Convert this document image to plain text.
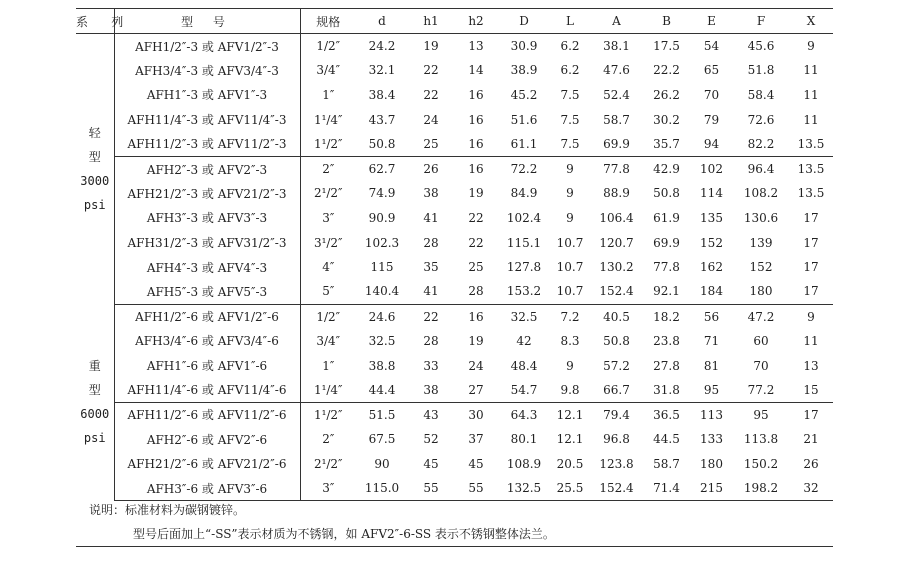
系 列	型 号	规格	d	h1	h2	D	L	A	B	E	F	X

轻
型
3000
psi	AFH1/2″-3 或 AFV1/2″-3	1/2″	24.2	19	13	30.9	6.2	38.1	17.5	54	45.6	9
	AFH3/4″-3 或 AFV3/4″-3	3/4″	32.1	22	14	38.9	6.2	47.6	22.2	65	51.8	11
	AFH1″-3 或 AFV1″-3	1″	38.4	22	16	45.2	7.5	52.4	26.2	70	58.4	11
	AFH11/4″-3 或 AFV11/4″-3	1¹/4″	43.7	24	16	51.6	7.5	58.7	30.2	79	72.6	11
	AFH11/2″-3 或 AFV11/2″-3	1¹/2″	50.8	25	16	61.1	7.5	69.9	35.7	94	82.2	13.5
	AFH2″-3 或 AFV2″-3	2″	62.7	26	16	72.2	9	77.8	42.9	102	96.4	13.5
	AFH21/2″-3 或 AFV21/2″-3	2¹/2″	74.9	38	19	84.9	9	88.9	50.8	114	108.2	13.5
	AFH3″-3 或 AFV3″-3	3″	90.9	41	22	102.4	9	106.4	61.9	135	130.6	17
	AFH31/2″-3 或 AFV31/2″-3	3¹/2″	102.3	28	22	115.1	10.7	120.7	69.9	152	139	17
	AFH4″-3 或 AFV4″-3	4″	115	35	25	127.8	10.7	130.2	77.8	162	152	17
	AFH5″-3 或 AFV5″-3	5″	140.4	41	28	153.2	10.7	152.4	92.1	184	180	17

重
型
6000
psi	AFH1/2″-6 或 AFV1/2″-6	1/2″	24.6	22	16	32.5	7.2	40.5	18.2	56	47.2	9
	AFH3/4″-6 或 AFV3/4″-6	3/4″	32.5	28	19	42	8.3	50.8	23.8	71	60	11
	AFH1″-6 或 AFV1″-6	1″	38.8	33	24	48.4	9	57.2	27.8	81	70	13
	AFH11/4″-6 或 AFV11/4″-6	1¹/4″	44.4	38	27	54.7	9.8	66.7	31.8	95	77.2	15
	AFH11/2″-6 或 AFV11/2″-6	1¹/2″	51.5	43	30	64.3	12.1	79.4	36.5	113	95	17
	AFH2″-6 或 AFV2″-6	2″	67.5	52	37	80.1	12.1	96.8	44.5	133	113.8	21
	AFH21/2″-6 或 AFV21/2″-6	2¹/2″	90	45	45	108.9	20.5	123.8	58.7	180	150.2	26
	AFH3″-6 或 AFV3″-6	3″	115.0	55	55	132.5	25.5	152.4	71.4	215	198.2	32
说明：标准材料为碳钢镀锌。
型号后面加上“-SS”表示材质为不锈钢，如 AFV2″-6-SS 表示不锈钢整体法兰。
